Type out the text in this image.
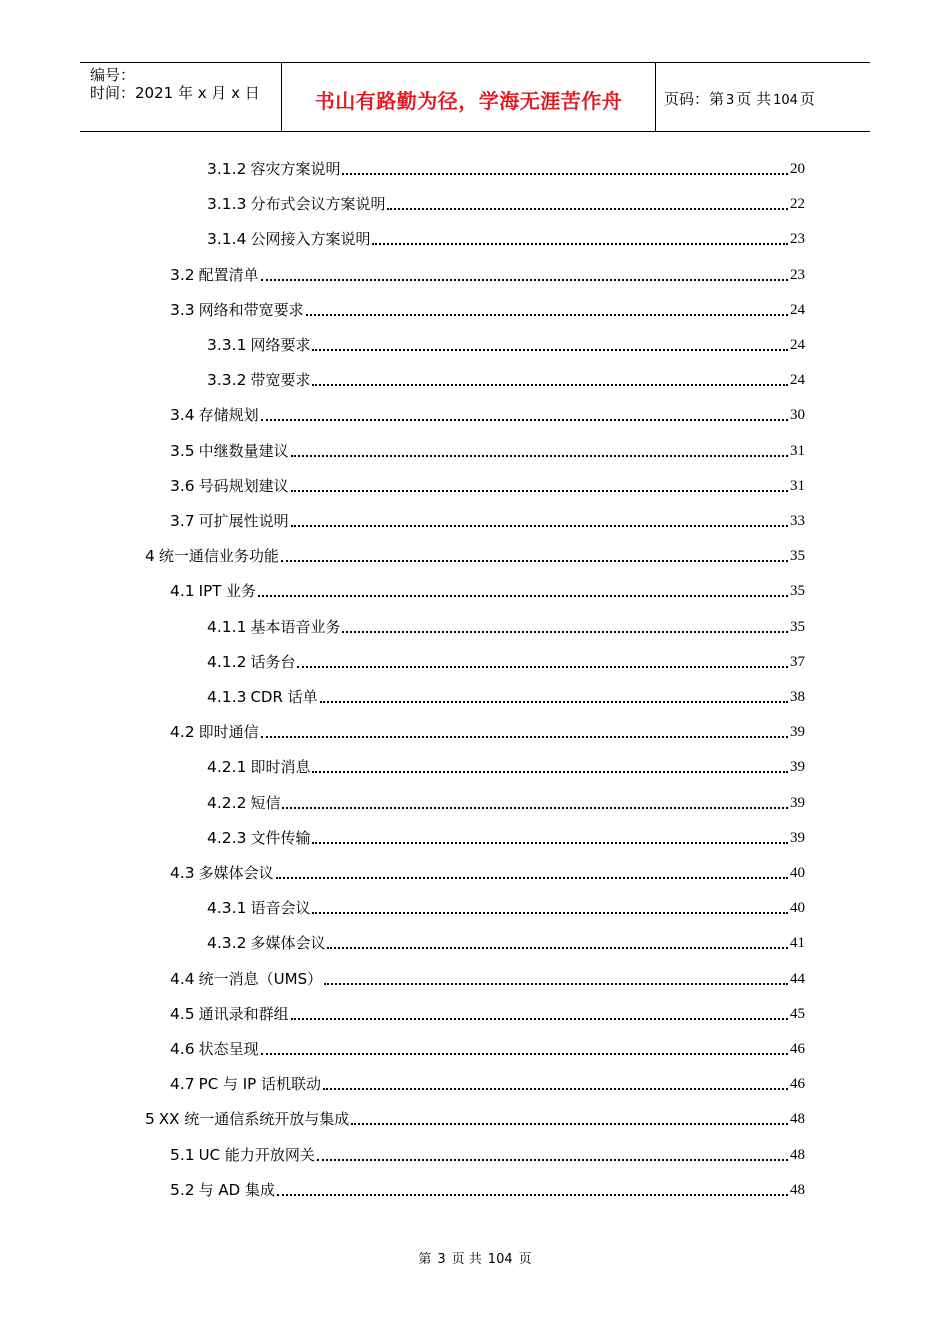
编号：
时间：2021 年 x 月 x 日	书山有路勤为径，学海无涯苦作舟	页码：第 3 页 共 104 页
3.1.2 容灾方案说明	20
3.1.3 分布式会议方案说明	22
3.1.4 公网接入方案说明	23
3.2 配置清单	23
3.3 网络和带宽要求	24
3.3.1 网络要求	24
3.3.2 带宽要求	24
3.4 存储规划	30
3.5 中继数量建议	31
3.6 号码规划建议	31
3.7 可扩展性说明	33
4 统一通信业务功能	35
4.1 IPT 业务	35
4.1.1 基本语音业务	35
4.1.2 话务台	37
4.1.3 CDR 话单	38
4.2 即时通信	39
4.2.1 即时消息	39
4.2.2 短信	39
4.2.3 文件传输	39
4.3 多媒体会议	40
4.3.1 语音会议	40
4.3.2 多媒体会议	41
4.4 统一消息（UMS）	44
4.5 通讯录和群组	45
4.6 状态呈现	46
4.7 PC 与 IP 话机联动	46
5 XX 统一通信系统开放与集成	48
5.1 UC 能力开放网关	48
5.2 与 AD 集成	48
第 3 页 共 104 页
